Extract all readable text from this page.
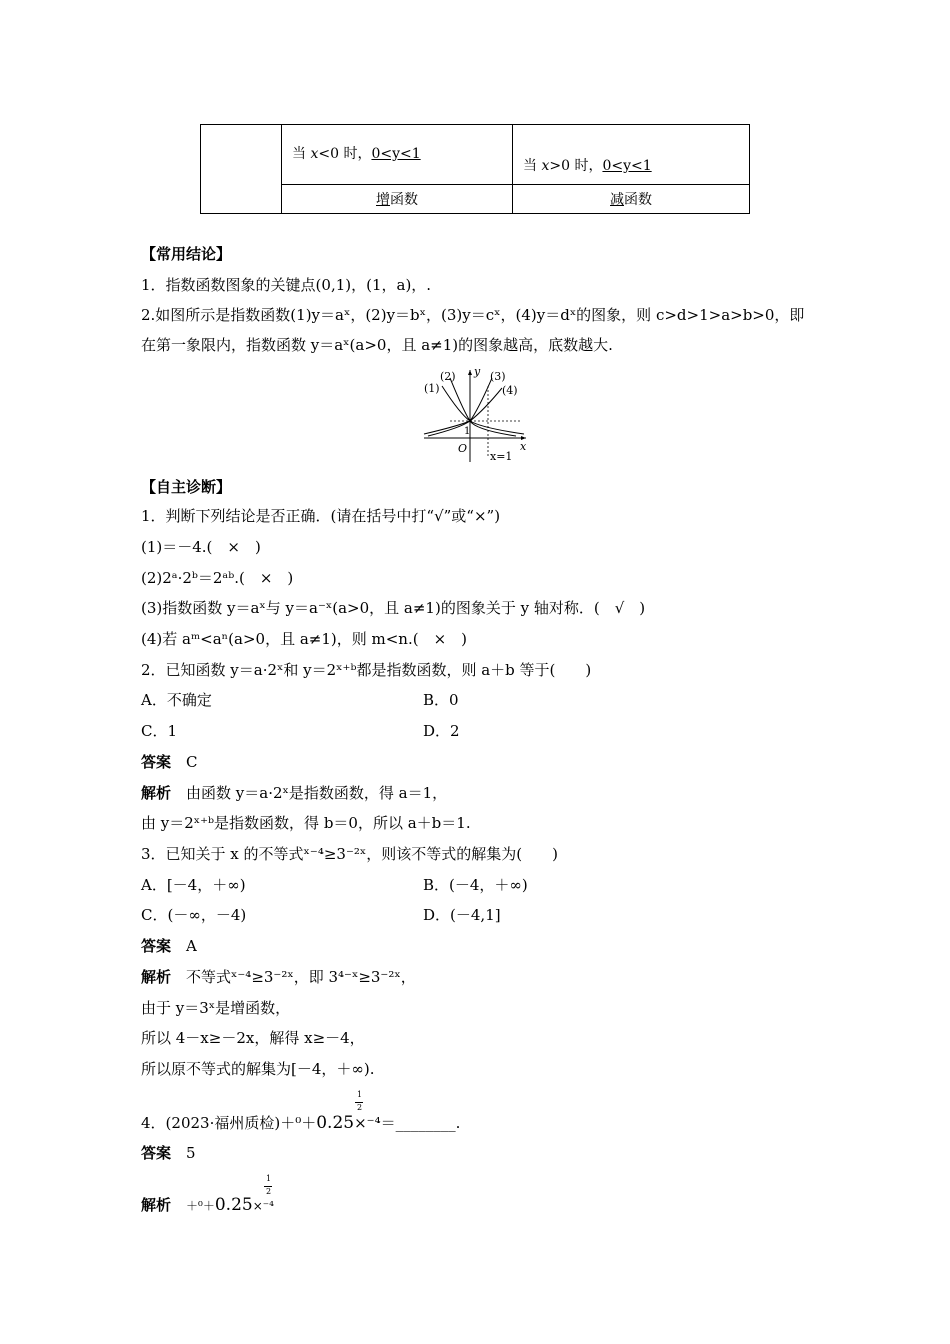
	当 x<0 时，0<y<1	当 x>0 时，0<y<1

	增函数	减函数
【常用结论】
1．指数函数图象的关键点(0,1)，(1，a)，.
2.如图所示是指数函数(1)y＝aˣ，(2)y＝bˣ，(3)y＝cˣ，(4)y＝dˣ的图象，则 c>d>1>a>b>0，即
在第一象限内，指数函数 y＝aˣ(a>0，且 a≠1)的图象越高，底数越大.
(1)
(2)	(3)
(4)
y
x
O
1
x=1
【自主诊断】
1．判断下列结论是否正确．(请在括号中打“√”或“×”)
(1)＝－4.(　×　)
(2)2ᵃ·2ᵇ＝2ᵃᵇ.(　×　)
(3)指数函数 y＝aˣ与 y＝a⁻ˣ(a>0，且 a≠1)的图象关于 y 轴对称．(　√　)
(4)若 aᵐ<aⁿ(a>0，且 a≠1)，则 m<n.(　×　)
2．已知函数 y＝a·2ˣ和 y＝2ˣ⁺ᵇ都是指数函数，则 a＋b 等于(　　)
A．不确定	B．0
C．1	D．2
答案　 C
解析　 由函数 y＝a·2ˣ是指数函数，得 a＝1，
由 y＝2ˣ⁺ᵇ是指数函数，得 b＝0，所以 a＋b＝1.
3．已知关于 x 的不等式ˣ⁻⁴≥3⁻²ˣ，则该不等式的解集为(　　)
A．[－4，＋∞)	B．(－4，＋∞)
C．(－∞，－4)	D．(－4,1]
答案　 A
解析　 不等式ˣ⁻⁴≥3⁻²ˣ，即 3⁴⁻ˣ≥3⁻²ˣ，
由于 y＝3ˣ是增函数，
所以 4－x≥－2x，解得 x≥－4，
所以原不等式的解集为[－4，＋∞).
4．(2023·福州质检)＋⁰＋0.25×⁻⁴＝________.
1
2
答案　 5
解析　 ＋⁰＋0.25×⁻⁴
1
2
